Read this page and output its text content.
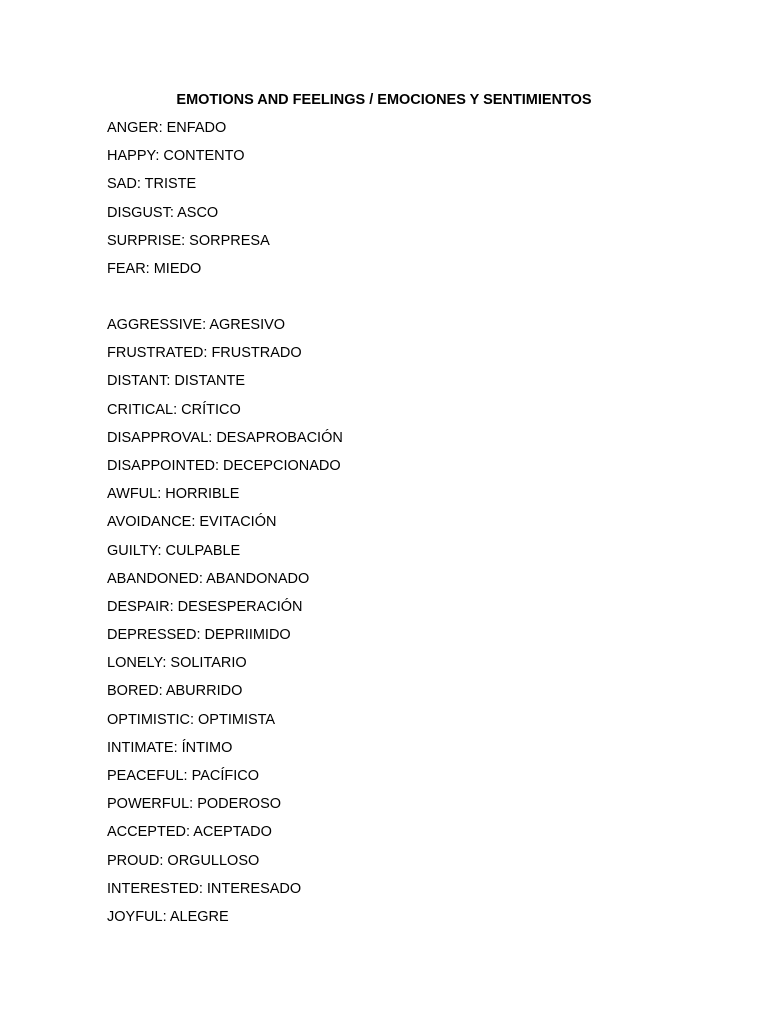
EMOTIONS AND FEELINGS / EMOCIONES Y SENTIMIENTOS
ANGER: ENFADO
HAPPY: CONTENTO
SAD: TRISTE
DISGUST: ASCO
SURPRISE: SORPRESA
FEAR: MIEDO
AGGRESSIVE: AGRESIVO
FRUSTRATED: FRUSTRADO
DISTANT: DISTANTE
CRITICAL: CRÍTICO
DISAPPROVAL: DESAPROBACIÓN
DISAPPOINTED: DECEPCIONADO
AWFUL: HORRIBLE
AVOIDANCE: EVITACIÓN
GUILTY: CULPABLE
ABANDONED: ABANDONADO
DESPAIR: DESESPERACIÓN
DEPRESSED: DEPRIIMIDO
LONELY: SOLITARIO
BORED: ABURRIDO
OPTIMISTIC: OPTIMISTA
INTIMATE: ÍNTIMO
PEACEFUL: PACÍFICO
POWERFUL: PODEROSO
ACCEPTED: ACEPTADO
PROUD: ORGULLOSO
INTERESTED: INTERESADO
JOYFUL: ALEGRE
